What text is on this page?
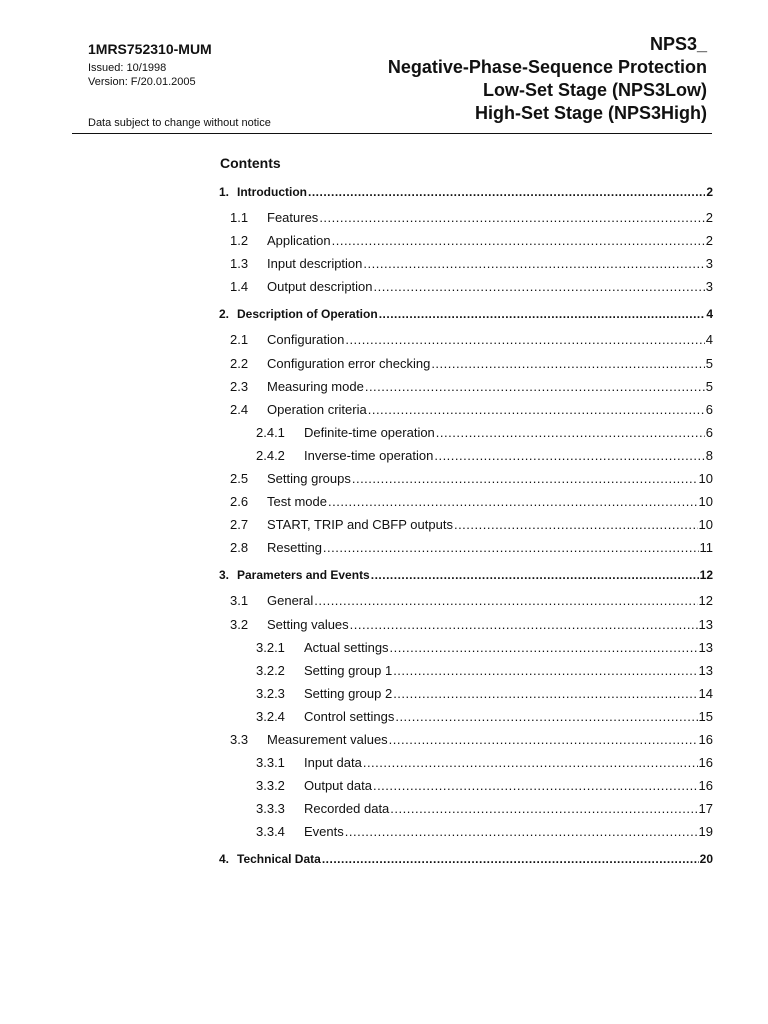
1MRS752310-MUM
Issued: 10/1998
Version: F/20.01.2005
Data subject to change without notice
NPS3_
Negative-Phase-Sequence Protection
Low-Set Stage (NPS3Low)
High-Set Stage (NPS3High)
Contents
1. Introduction .....	2
1.1	Features .....	2
1.2	Application .....	2
1.3	Input description .....	3
1.4	Output description .....	3
2. Description of Operation .....	4
2.1	Configuration .....	4
2.2	Configuration error checking .....	5
2.3	Measuring mode .....	5
2.4	Operation criteria .....	6
2.4.1	Definite-time operation .....	6
2.4.2	Inverse-time operation .....	8
2.5	Setting groups .....	10
2.6	Test mode .....	10
2.7	START, TRIP and CBFP outputs .....	10
2.8	Resetting .....	11
3. Parameters and Events .....	12
3.1	General .....	12
3.2	Setting values .....	13
3.2.1	Actual settings .....	13
3.2.2	Setting group 1 .....	13
3.2.3	Setting group 2 .....	14
3.2.4	Control settings .....	15
3.3	Measurement values .....	16
3.3.1	Input data .....	16
3.3.2	Output data .....	16
3.3.3	Recorded data .....	17
3.3.4	Events .....	19
4. Technical Data .....	20
